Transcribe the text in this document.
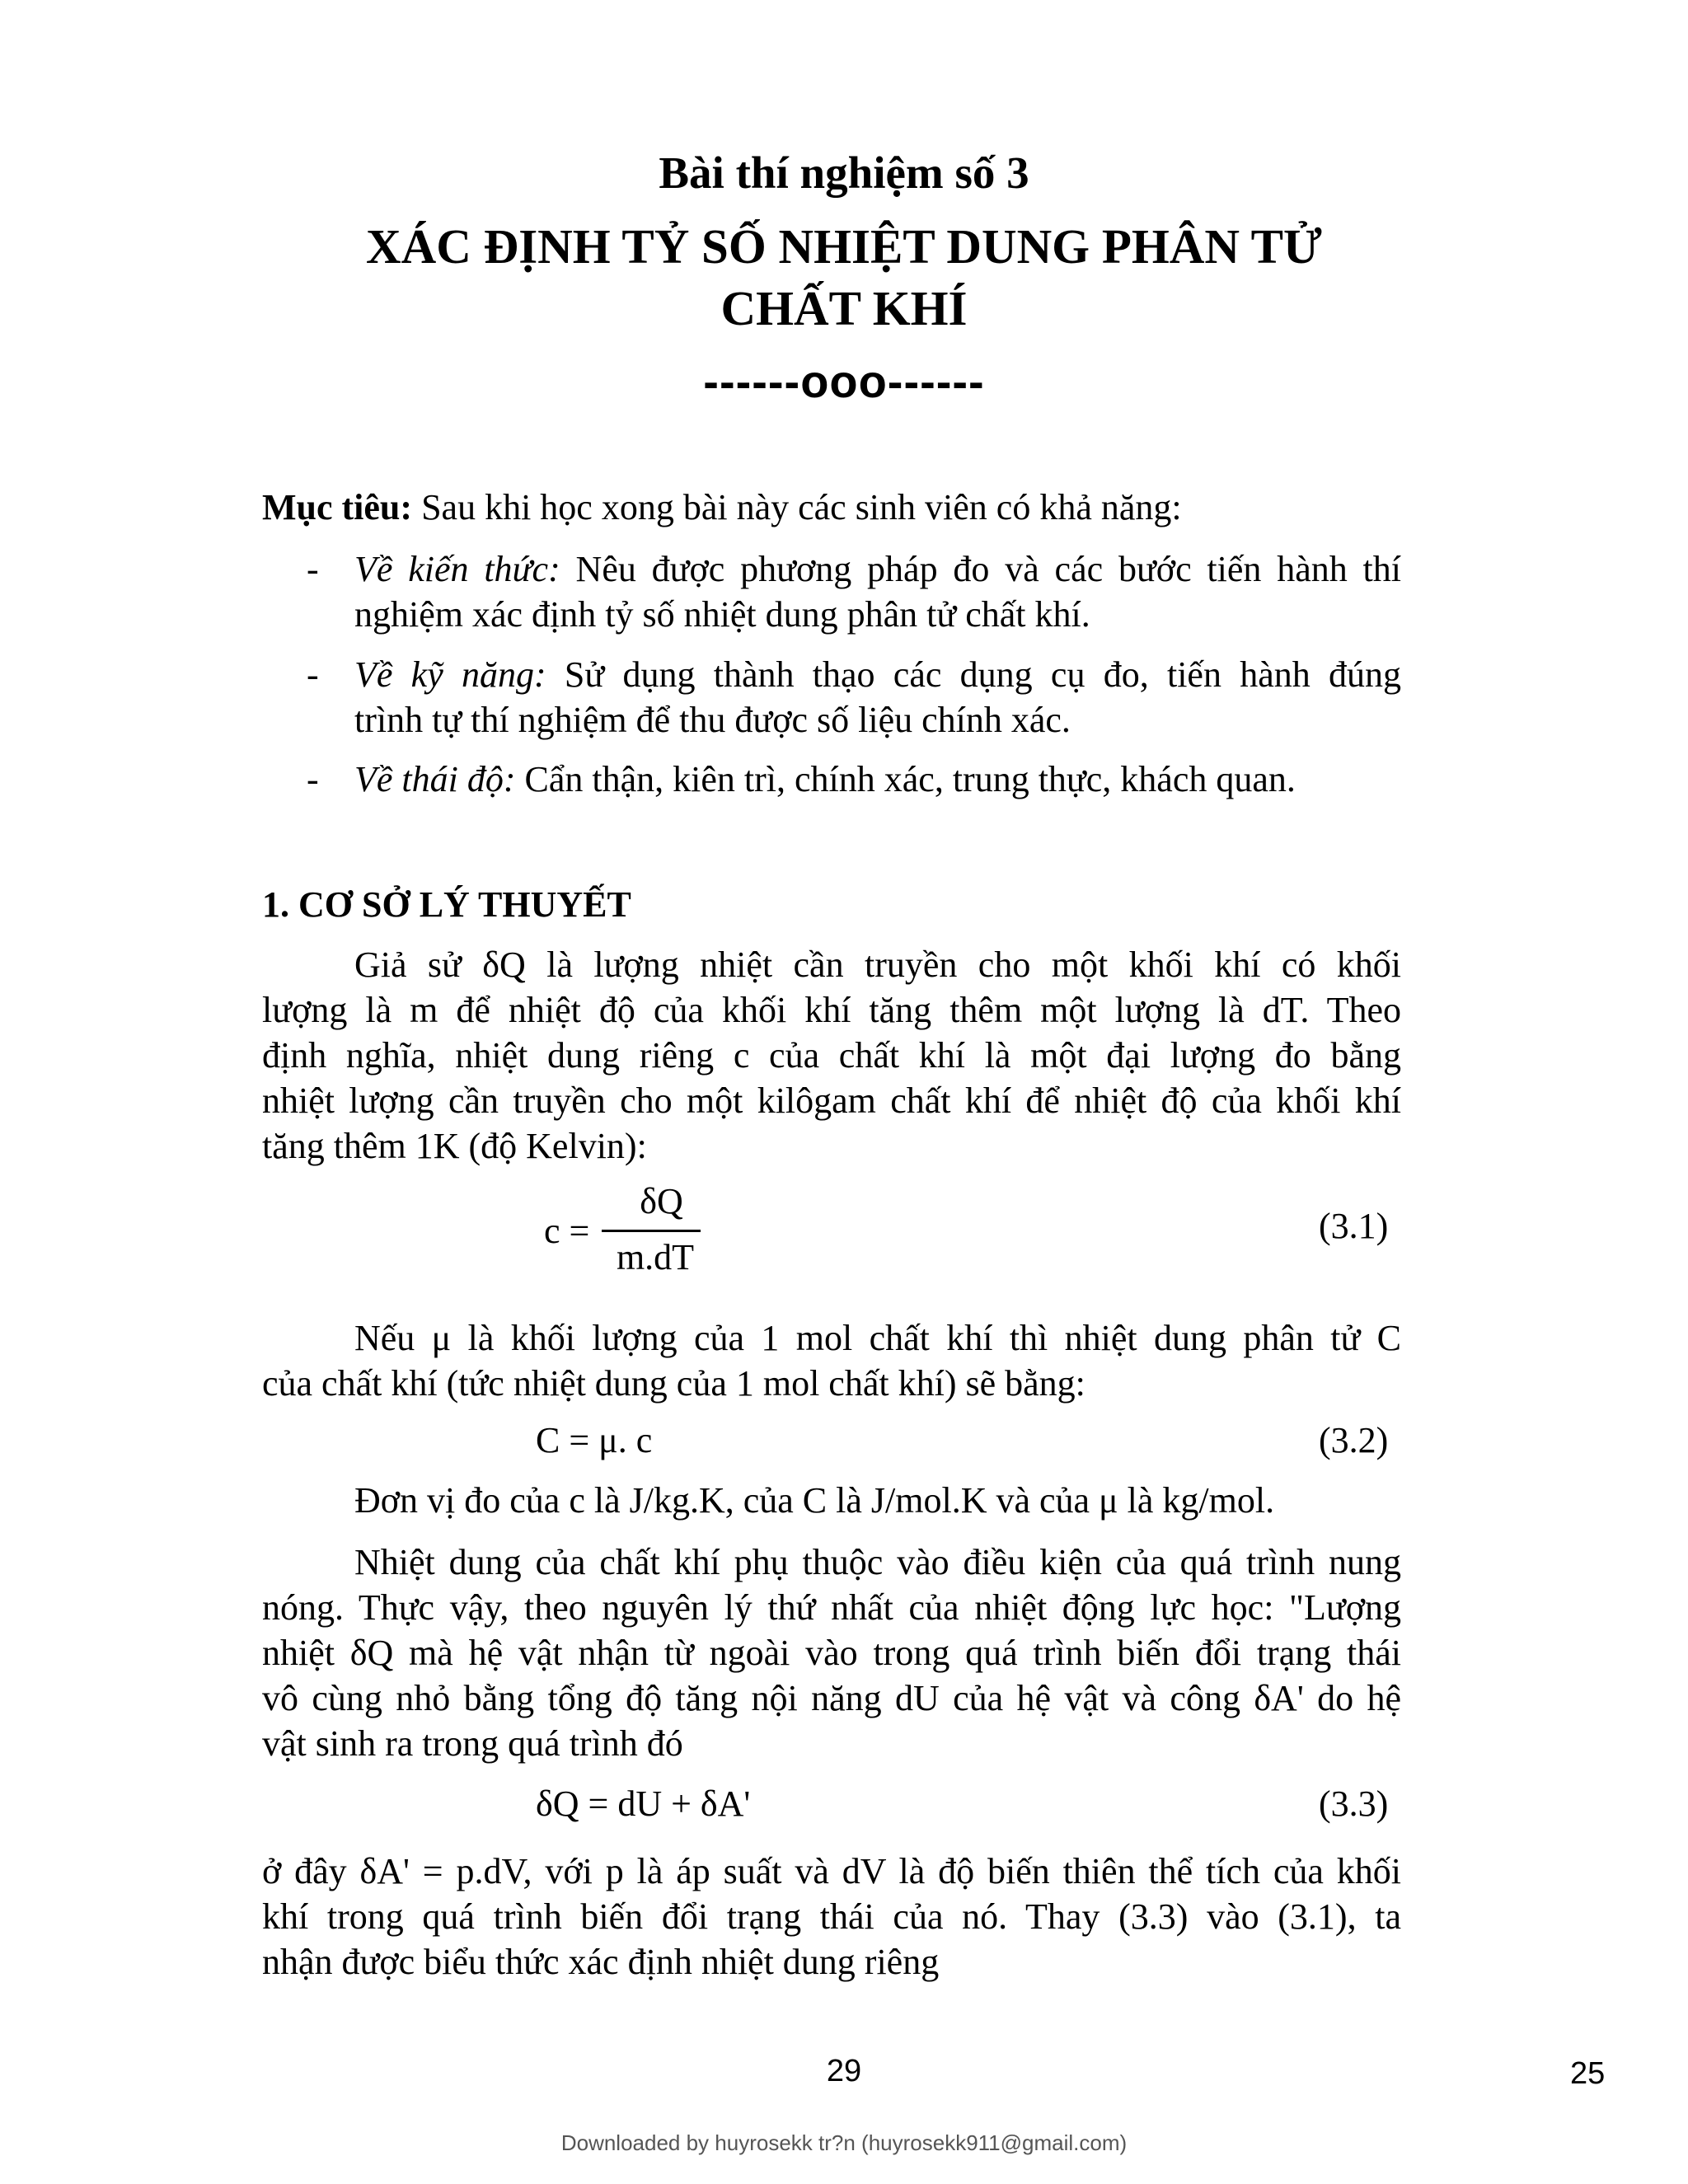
Bài thí nghiệm số 3
XÁC ĐỊNH TỶ SỐ NHIỆT DUNG PHÂN TỬ
CHẤT KHÍ
------ooo------
Mục tiêu: Sau khi học xong bài này các sinh viên có khả năng:
- Về kiến thức: Nêu được phương pháp đo và các bước tiến hành thí
nghiệm xác định tỷ số nhiệt dung phân tử chất khí.
- Về kỹ năng: Sử dụng thành thạo các dụng cụ đo, tiến hành đúng
trình tự thí nghiệm để thu được số liệu chính xác.
- Về thái độ: Cẩn thận, kiên trì, chính xác, trung thực, khách quan.
1. CƠ SỞ LÝ THUYẾT
Giả sử δQ là lượng nhiệt cần truyền cho một khối khí có khối
lượng là m để nhiệt độ của khối khí tăng thêm một lượng là dT. Theo
định nghĩa, nhiệt dung riêng c của chất khí là một đại lượng đo bằng
nhiệt lượng cần truyền cho một kilôgam chất khí để nhiệt độ của khối khí
tăng thêm 1K (độ Kelvin):
c =
δQ
m.dT
(3.1)
Nếu μ là khối lượng của 1 mol chất khí thì nhiệt dung phân tử C
của chất khí (tức nhiệt dung của 1 mol chất khí) sẽ bằng:
C = μ. c	(3.2)
Đơn vị đo của c là J/kg.K, của C là J/mol.K và của μ là kg/mol.
Nhiệt dung của chất khí phụ thuộc vào điều kiện của quá trình nung
nóng. Thực vậy, theo nguyên lý thứ nhất của nhiệt động lực học: "Lượng
nhiệt δQ mà hệ vật nhận từ ngoài vào trong quá trình biến đổi trạng thái
vô cùng nhỏ bằng tổng độ tăng nội năng dU của hệ vật và công δA' do hệ
vật sinh ra trong quá trình đó
δQ = dU + δA'	(3.3)
ở đây δA' = p.dV, với p là áp suất và dV là độ biến thiên thể tích của khối
khí trong quá trình biến đổi trạng thái của nó. Thay (3.3) vào (3.1), ta
nhận được biểu thức xác định nhiệt dung riêng
29	25
Downloaded by huyrosekk tr?n (huyrosekk911@gmail.com)
